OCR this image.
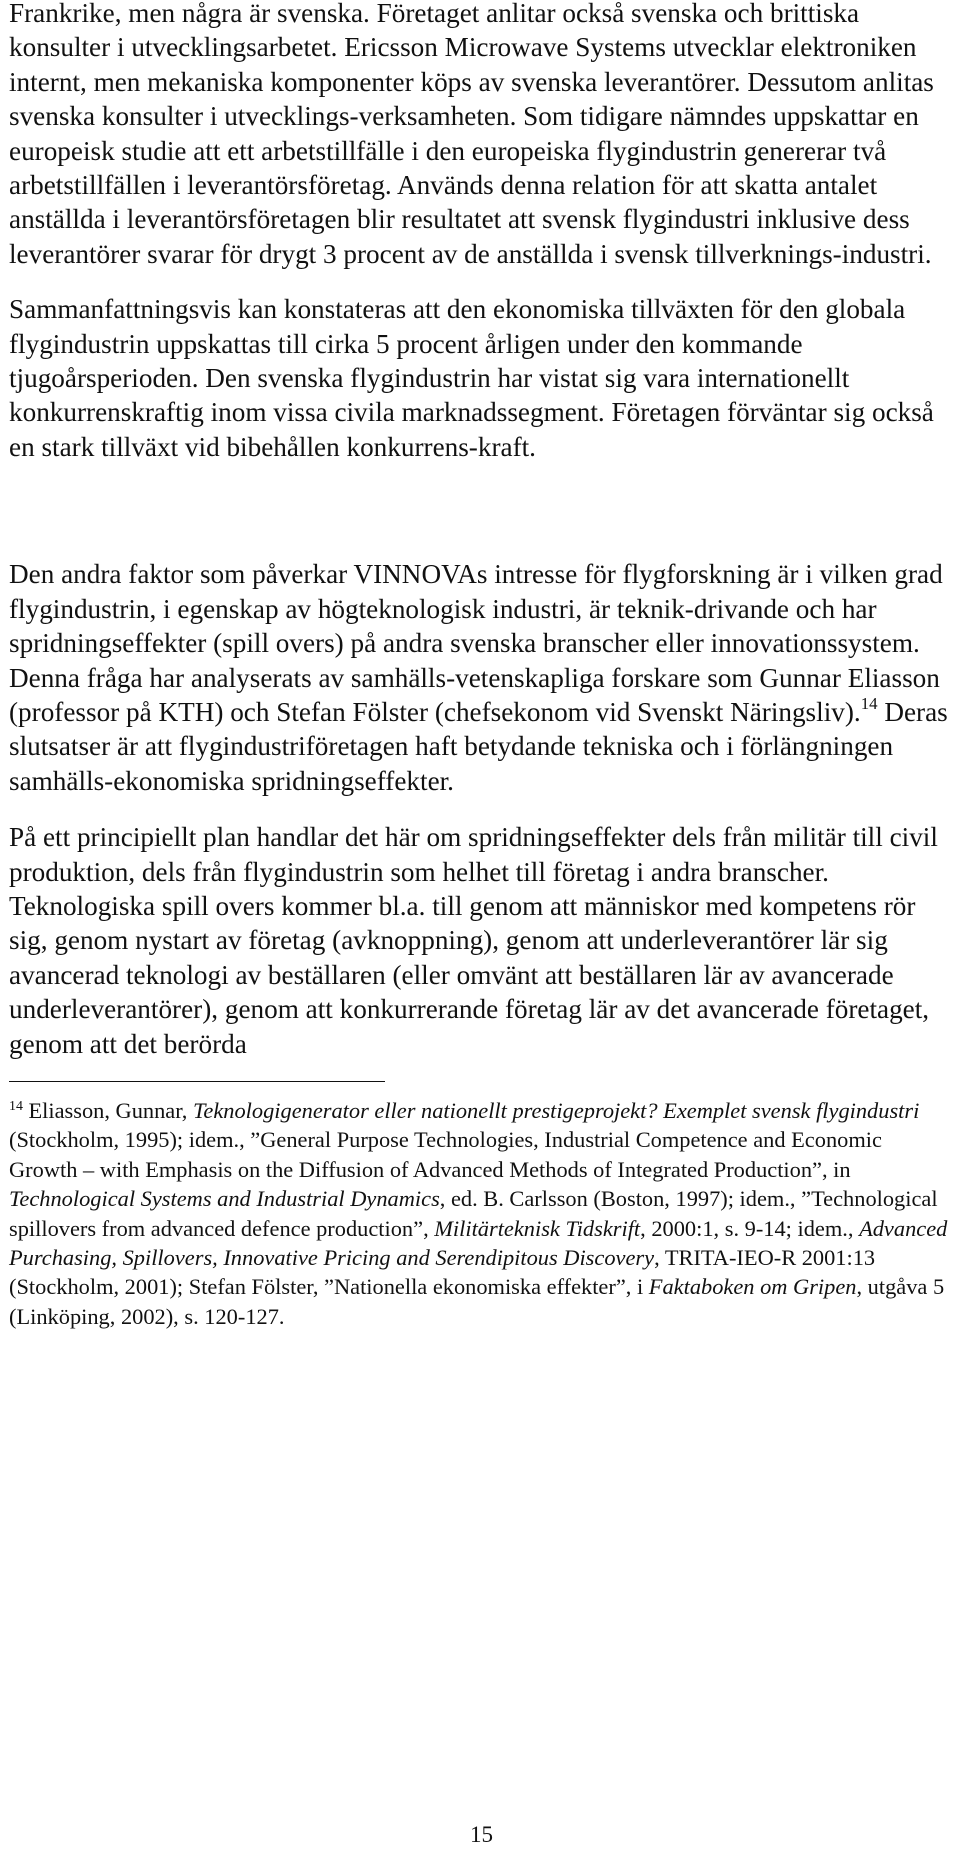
Frankrike, men några är svenska. Företaget anlitar också svenska och brittiska konsulter i utvecklingsarbetet. Ericsson Microwave Systems utvecklar elektroniken internt, men mekaniska komponenter köps av svenska leverantörer. Dessutom anlitas svenska konsulter i utvecklings-verksamheten. Som tidigare nämndes uppskattar en europeisk studie att ett arbetstillfälle i den europeiska flygindustrin genererar två arbetstillfällen i leverantörsföretag. Används denna relation för att skatta antalet anställda i leverantörsföretagen blir resultatet att svensk flygindustri inklusive dess leverantörer svarar för drygt 3 procent av de anställda i svensk tillverknings-industri.

Sammanfattningsvis kan konstateras att den ekonomiska tillväxten för den globala flygindustrin uppskattas till cirka 5 procent årligen under den kommande tjugoårsperioden. Den svenska flygindustrin har vistat sig vara internationellt konkurrenskraftig inom vissa civila marknadssegment. Företagen förväntar sig också en stark tillväxt vid bibehållen konkurrens-kraft.

Den andra faktor som påverkar VINNOVAs intresse för flygforskning är i vilken grad flygindustrin, i egenskap av högteknologisk industri, är teknik-drivande och har spridningseffekter (spill overs) på andra svenska branscher eller innovationssystem. Denna fråga har analyserats av samhälls-vetenskapliga forskare som Gunnar Eliasson (professor på KTH) och Stefan Fölster (chefsekonom vid Svenskt Näringsliv).$^{14}$ Deras slutsatser är att flygindustriföretagen haft betydande tekniska och i förlängningen samhälls-ekonomiska spridningseffekter.

På ett principiellt plan handlar det här om spridningseffekter dels från militär till civil produktion, dels från flygindustrin som helhet till företag i andra branscher. Teknologiska spill overs kommer bl.a. till genom att människor med kompetens rör sig, genom nystart av företag (avknoppning), genom att underleverantörer lär sig avancerad teknologi av beställaren (eller omvänt att beställaren lär av avancerade underleverantörer), genom att konkurrerande företag lär av det avancerade företaget, genom att det berörda

$^{14}$ Eliasson, Gunnar, Teknologigenerator eller nationellt prestigeprojekt? Exemplet svensk flygindustri (Stockholm, 1995); idem., ”General Purpose Technologies, Industrial Competence and Economic Growth – with Emphasis on the Diffusion of Advanced Methods of Integrated Production”, in Technological Systems and Industrial Dynamics, ed. B. Carlsson (Boston, 1997); idem., ”Technological spillovers from advanced defence production”, Militärteknisk Tidskrift, 2000:1, s. 9-14; idem., Advanced Purchasing, Spillovers, Innovative Pricing and Serendipitous Discovery, TRITA-IEO-R 2001:13 (Stockholm, 2001); Stefan Fölster, ”Nationella ekonomiska effekter”, i Faktaboken om Gripen, utgåva 5 (Linköping, 2002), s. 120-127.

15
